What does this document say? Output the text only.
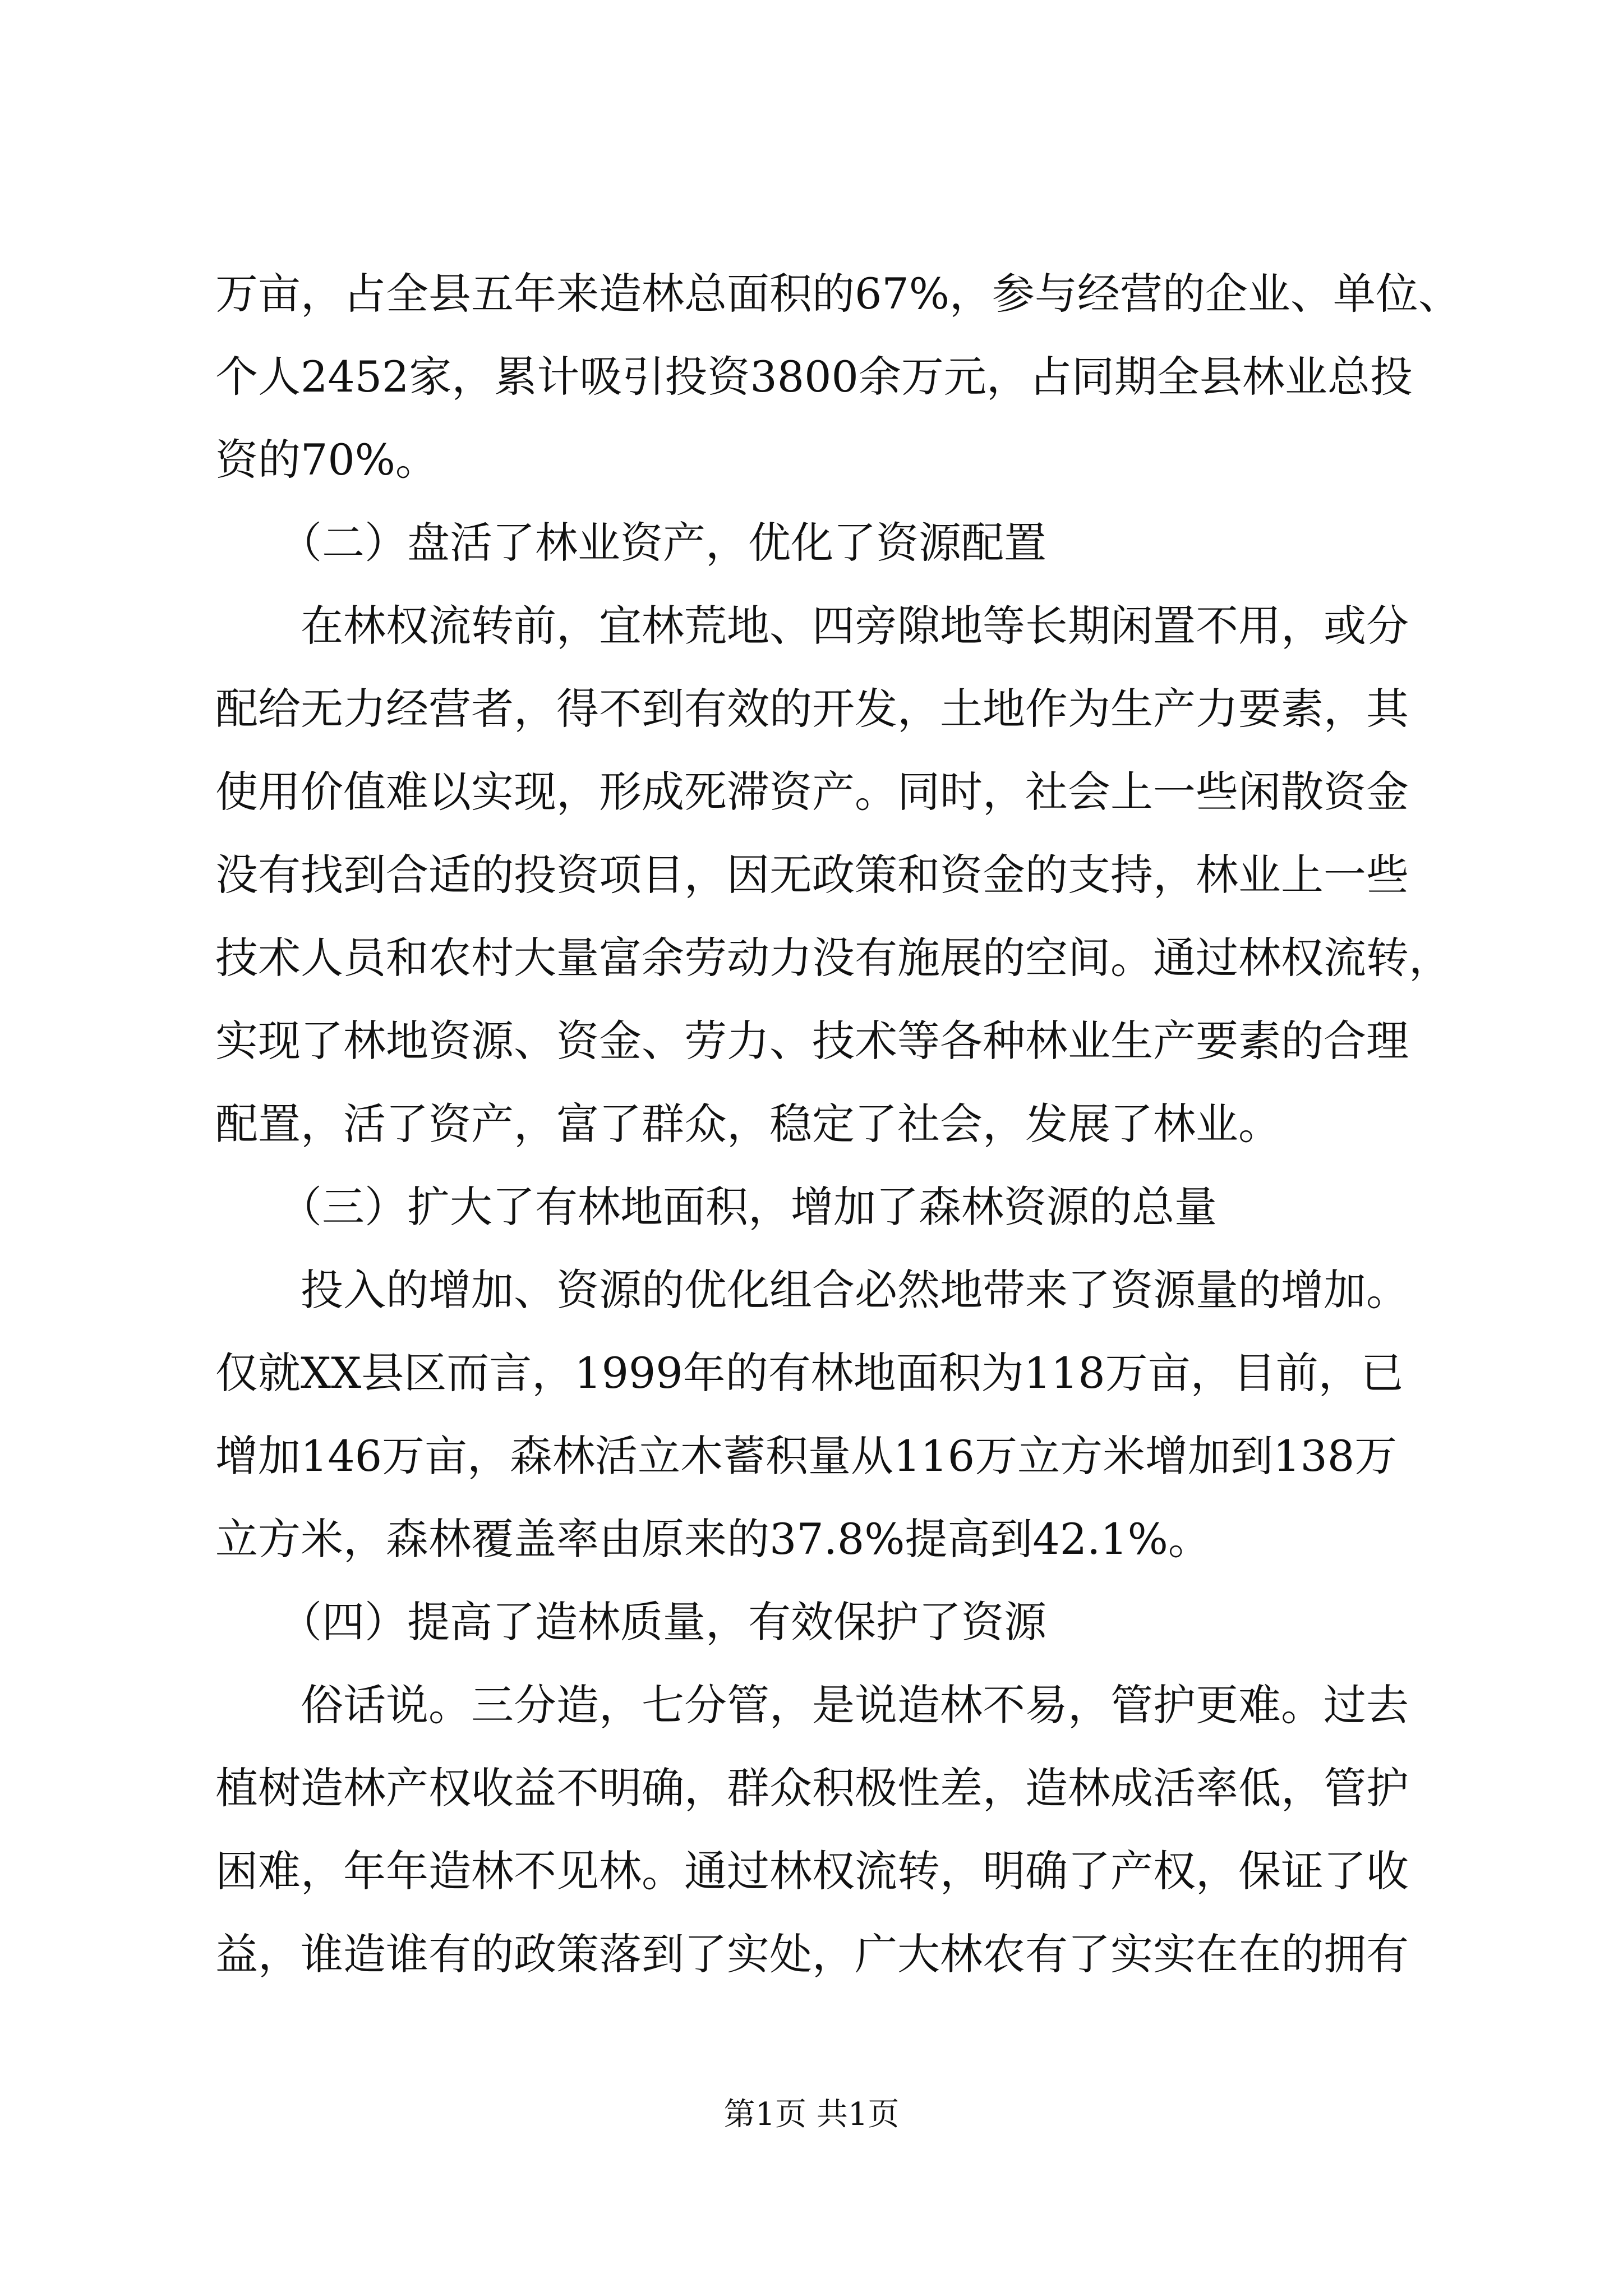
万亩，占全县五年来造林总面积的67%，参与经营的企业、单位、
个人2452家，累计吸引投资3800余万元，占同期全县林业总投
资的70%。
　　（二）盘活了林业资产，优化了资源配置
　　在林权流转前，宜林荒地、四旁隙地等长期闲置不用，或分
配给无力经营者，得不到有效的开发，土地作为生产力要素，其
使用价值难以实现，形成死滞资产。同时，社会上一些闲散资金
没有找到合适的投资项目，因无政策和资金的支持，林业上一些
技术人员和农村大量富余劳动力没有施展的空间。通过林权流转，
实现了林地资源、资金、劳力、技术等各种林业生产要素的合理
配置，活了资产，富了群众，稳定了社会，发展了林业。
　　（三）扩大了有林地面积，增加了森林资源的总量
　　投入的增加、资源的优化组合必然地带来了资源量的增加。
仅就XX县区而言，1999年的有林地面积为118万亩，目前，已
增加146万亩，森林活立木蓄积量从116万立方米增加到138万
立方米，森林覆盖率由原来的37.8%提高到42.1%。
　　（四）提高了造林质量，有效保护了资源
　　俗话说。三分造，七分管，是说造林不易，管护更难。过去
植树造林产权收益不明确，群众积极性差，造林成活率低，管护
困难，年年造林不见林。通过林权流转，明确了产权，保证了收
益，谁造谁有的政策落到了实处，广大林农有了实实在在的拥有
第1页 共1页
